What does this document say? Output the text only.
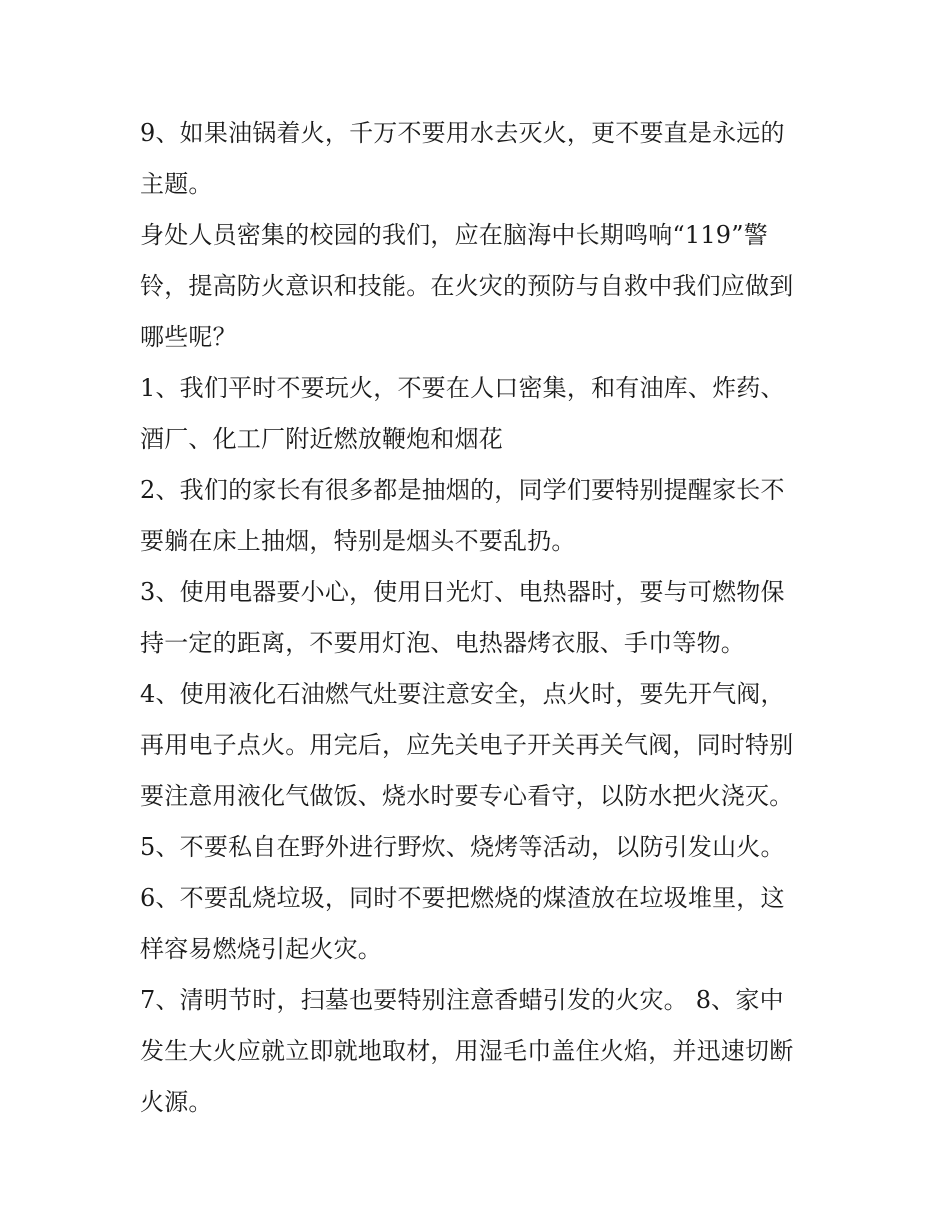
9、如果油锅着火，千万不要用水去灭火，更不要直是永远的
主题。
身处人员密集的校园的我们，应在脑海中长期鸣响“119”警
铃，提高防火意识和技能。在火灾的预防与自救中我们应做到
哪些呢？
1、我们平时不要玩火，不要在人口密集，和有油库、炸药、
酒厂、化工厂附近燃放鞭炮和烟花
2、我们的家长有很多都是抽烟的，同学们要特别提醒家长不
要躺在床上抽烟，特别是烟头不要乱扔。
3、使用电器要小心，使用日光灯、电热器时，要与可燃物保
持一定的距离，不要用灯泡、电热器烤衣服、手巾等物。
4、使用液化石油燃气灶要注意安全，点火时，要先开气阀，
再用电子点火。用完后，应先关电子开关再关气阀，同时特别
要注意用液化气做饭、烧水时要专心看守，以防水把火浇灭。
5、不要私自在野外进行野炊、烧烤等活动，以防引发山火。
6、不要乱烧垃圾，同时不要把燃烧的煤渣放在垃圾堆里，这
样容易燃烧引起火灾。
7、清明节时，扫墓也要特别注意香蜡引发的火灾。 8、家中
发生大火应就立即就地取材，用湿毛巾盖住火焰，并迅速切断
火源。
